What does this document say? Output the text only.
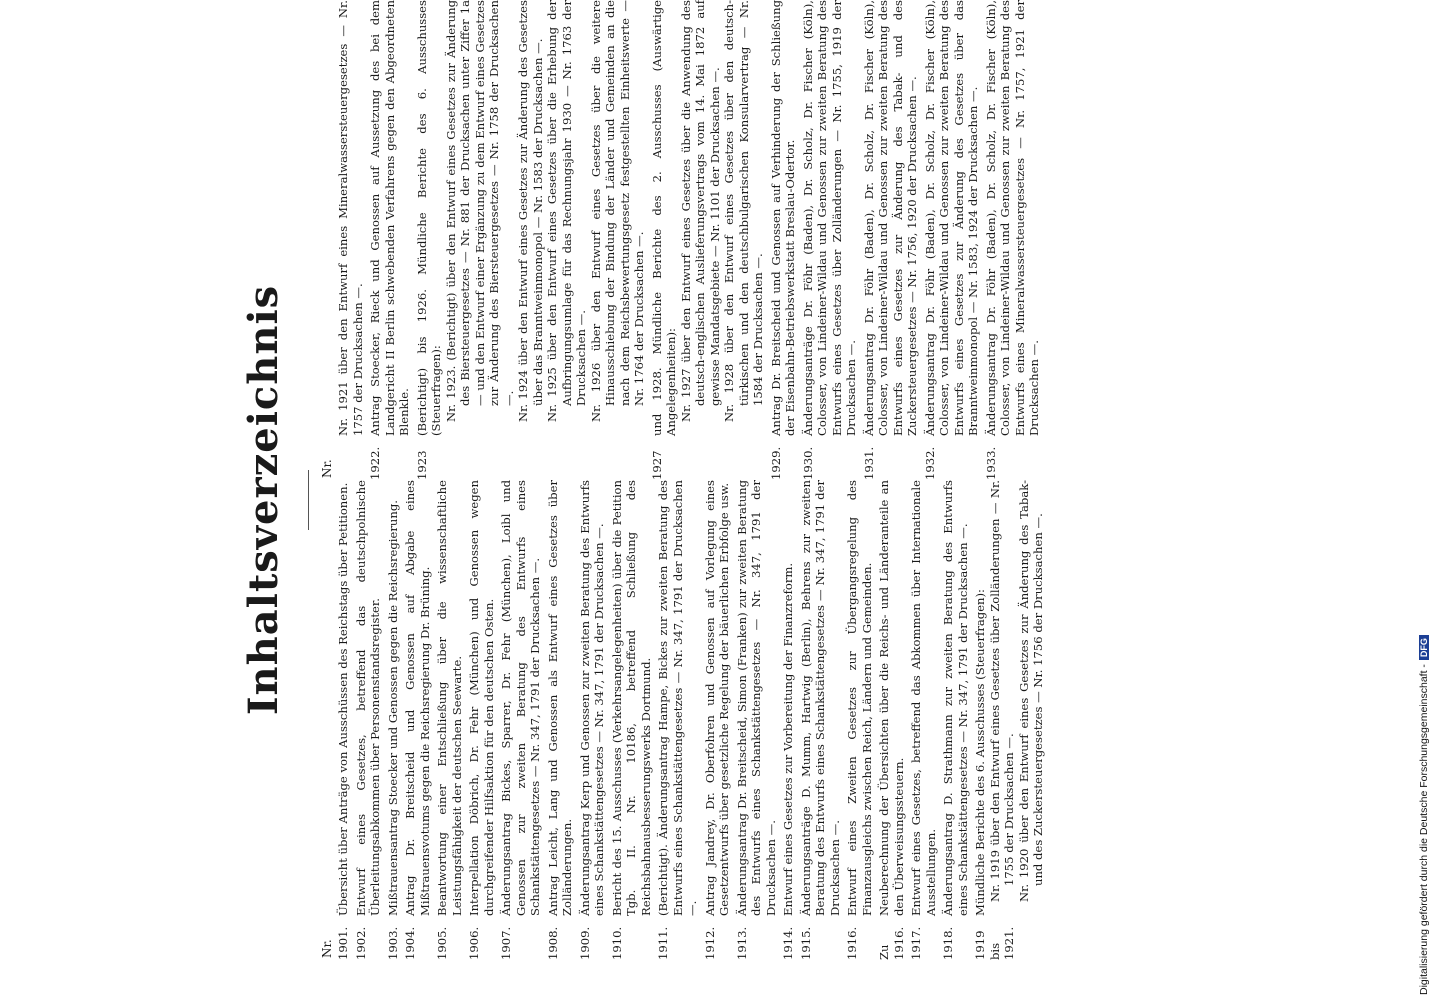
Inhaltsverzeichnis
Nr. 1901.

Übersicht über Anträge von Ausschüssen des Reichstags über Petitionen.

1902.

Entwurf eines Gesetzes, betreffend das deutschpolnische Überleitungsabkommen über Personenstandsregister.

1903.

Mißtrauensantrag Stoecker und Genossen gegen die Reichsregierung.

1904.

Antrag Dr. Breitscheid und Genossen auf Abgabe eines Mißtrauensvotums gegen die Reichsregierung Dr. Brüning.

1905.

Beantwortung einer Entschließung über die wissenschaftliche Leistungsfähigkeit der deutschen Seewarte.

1906.

Interpellation Döbrich, Dr. Fehr (München) und Genossen wegen durchgreifender Hilfsaktion für den deutschen Osten.

1907.

Änderungsantrag Bickes, Sparrer, Dr. Fehr (München), Loibl und Genossen zur zweiten Beratung des Entwurfs eines Schankstättengesetzes — Nr. 347, 1791 der Drucksachen —.

1908.

Antrag Leicht, Lang und Genossen als Entwurf eines Gesetzes über Zolländerungen.

1909.

Änderungsantrag Kerp und Genossen zur zweiten Beratung des Entwurfs eines Schankstättengesetzes — Nr. 347, 1791 der Drucksachen —.

1910.

Bericht des 15. Ausschusses (Verkehrsangelegenheiten) über die Petition Tgb. II. Nr. 10186, betreffend Schließung des Reichsbahnausbesserungswerks Dortmund.

1911.

(Berichtigt). Änderungsantrag Hampe, Bickes zur zweiten Beratung des Entwurfs eines Schankstättengesetzes — Nr. 347, 1791 der Drucksachen —.

1912.

Antrag Jandrey, Dr. Oberfohren und Genossen auf Vorlegung eines Gesetzentwurfs über gesetzliche Regelung der bäuerlichen Erbfolge usw.

1913.

Änderungsantrag Dr. Breitscheid, Simon (Franken) zur zweiten Beratung des Entwurfs eines Schankstättengesetzes — Nr. 347, 1791 der Drucksachen —.

1914.

Entwurf eines Gesetzes zur Vorbereitung der Finanzreform.

1915.

Änderungsanträge D. Mumm, Hartwig (Berlin), Behrens zur zweiten Beratung des Entwurfs eines Schankstättengesetzes — Nr. 347, 1791 der Drucksachen —.

1916.

Entwurf eines Zweiten Gesetzes zur Übergangsregelung des Finanzausgleichs zwischen Reich, Ländern und Gemeinden.

Zu 1916.

Neuberechnung der Übersichten über die Reichs- und Länderanteile an den Überweisungssteuern.

1917.

Entwurf eines Gesetzes, betreffend das Abkommen über Internationale Ausstellungen.

1918.

Änderungsantrag D. Strathmann zur zweiten Beratung des Entwurfs eines Schankstättengesetzes — Nr. 347, 1791 der Drucksachen —.

1919 bis 1921.

Mündliche Berichte des 6. Ausschusses (Steuerfragen): Nr. 1919 über den Entwurf eines Gesetzes über Zolländerungen — Nr. 1755 der Drucksachen —. Nr. 1920 über den Entwurf eines Gesetzes zur Änderung des Tabak- und des Zuckersteuergesetzes — Nr. 1756 der Drucksachen —.

Nr.

Nr. 1921 über den Entwurf eines Mineralwassersteuergesetzes — Nr. 1757 der Drucksachen —.

1922.

Antrag Stoecker, Rieck und Genossen auf Aussetzung des bei dem Landgericht II Berlin schwebenden Verfahrens gegen den Abgeordneten Blenkle.

1923

(Berichtigt) bis 1926. Mündliche Berichte des 6. Ausschusses (Steuerfragen): Nr. 1923. (Berichtigt) über den Entwurf eines Gesetzes zur Änderung des Biersteuergesetzes — Nr. 881 der Drucksachen unter Ziffer 1a — und den Entwurf einer Ergänzung zu dem Entwurf eines Gesetzes zur Änderung des Biersteuergesetzes — Nr. 1758 der Drucksachen —. Nr. 1924 über den Entwurf eines Gesetzes zur Änderung des Gesetzes über das Branntweinmonopol — Nr. 1583 der Drucksachen —. Nr. 1925 über den Entwurf eines Gesetzes über die Erhebung der Aufbringungsumlage für das Rechnungsjahr 1930 — Nr. 1763 der Drucksachen —. Nr. 1926 über den Entwurf eines Gesetzes über die weitere Hinausschiebung der Bindung der Länder und Gemeinden an die nach dem Reichsbewertungsgesetz festgestellten Einheitswerte — Nr. 1764 der Drucksachen —.

1927

und 1928. Mündliche Berichte des 2. Ausschusses (Auswärtige Angelegenheiten): Nr. 1927 über den Entwurf eines Gesetzes über die Anwendung des deutsch-englischen Auslieferungsvertrags vom 14. Mai 1872 auf gewisse Mandatsgebiete — Nr. 1101 der Drucksachen —. Nr. 1928 über den Entwurf eines Gesetzes über den deutsch-türkischen und den deutschbulgarischen Konsularvertrag — Nr. 1584 der Drucksachen —.

1929.

Antrag Dr. Breitscheid und Genossen auf Verhinderung der Schließung der Eisenbahn-Betriebswerkstatt Breslau-Odertor.

1930.

Änderungsanträge Dr. Föhr (Baden), Dr. Scholz, Dr. Fischer (Köln), Colosser, von Lindeiner-Wildau und Genossen zur zweiten Beratung des Entwurfs eines Gesetzes über Zolländerungen — Nr. 1755, 1919 der Drucksachen —.

1931.

Änderungsantrag Dr. Föhr (Baden), Dr. Scholz, Dr. Fischer (Köln), Colosser, von Lindeiner-Wildau und Genossen zur zweiten Beratung des Entwurfs eines Gesetzes zur Änderung des Tabak- und des Zuckersteuergesetzes — Nr. 1756, 1920 der Drucksachen —.

1932.

Änderungsantrag Dr. Föhr (Baden), Dr. Scholz, Dr. Fischer (Köln), Colosser, von Lindeiner-Wildau und Genossen zur zweiten Beratung des Entwurfs eines Gesetzes zur Änderung des Gesetzes über das Branntweinmonopol — Nr. 1583, 1924 der Drucksachen —.

1933.

Änderungsantrag Dr. Föhr (Baden), Dr. Scholz, Dr. Fischer (Köln), Colosser, von Lindeiner-Wildau und Genossen zur zweiten Beratung des Entwurfs eines Mineralwassersteuergesetzes — Nr. 1757, 1921 der Drucksachen —.

Digitalisierung gefördert durch die Deutsche Forschungsgemeinschaft -DFG
